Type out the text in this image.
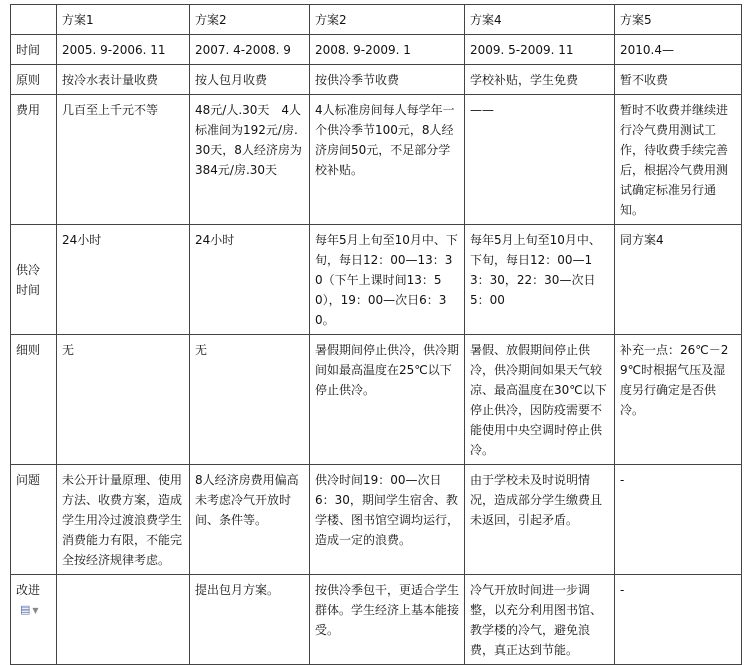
	方案1	方案2	方案2	方案4	方案5
时间	2005. 9-2006. 11	2007. 4-2008. 9	2008. 9-2009. 1	2009. 5-2009. 11	2010.4—
原则	按冷水表计量收费	按人包月收费	按供冷季节收费	学校补贴，学生免费	暂不收费
费用	几百至上千元不等	48元/人.30天　4人标准间为192元/房.30天，8人经济房为384元/房.30天	4人标准房间每人每学年一个供冷季节100元，8人经济房间50元，不足部分学校补贴。	——	暂时不收费并继续进行冷气费用测试工作，待收费手续完善后，根据冷气费用测试确定标准另行通知。
供冷时间	24小时	24小时	每年5月上旬至10月中、下旬，每日12：00—13：30（下午上课时间13：50），19：00—次日6：30。	每年5月上旬至10月中、下旬，每日12：00—13：30，22：30—次日5：00	同方案4
细则	无	无	暑假期间停止供冷，供冷期间如最高温度在25℃以下停止供冷。	暑假、放假期间停止供冷，供冷期间如果天气较凉、最高温度在30℃以下停止供冷，因防疫需要不能使用中央空调时停止供冷。	补充一点：26℃－29℃时根据气压及湿度另行确定是否供冷。
问题	未公开计量原理、使用方法、收费方案，造成学生用冷过渡浪费学生消费能力有限，不能完全按经济规律考虑。	8人经济房费用偏高未考虑冷气开放时间、条件等。	供冷时间19：00—次日6：30，期间学生宿舍、教学楼、图书馆空调均运行，造成一定的浪费。	由于学校未及时说明情况，造成部分学生缴费且未返回，引起矛盾。	-
改进▤ ▼		提出包月方案。	按供冷季包干，更适合学生群体。学生经济上基本能接受。	冷气开放时间进一步调整，以充分利用图书馆、教学楼的冷气，避免浪费，真正达到节能。	-
